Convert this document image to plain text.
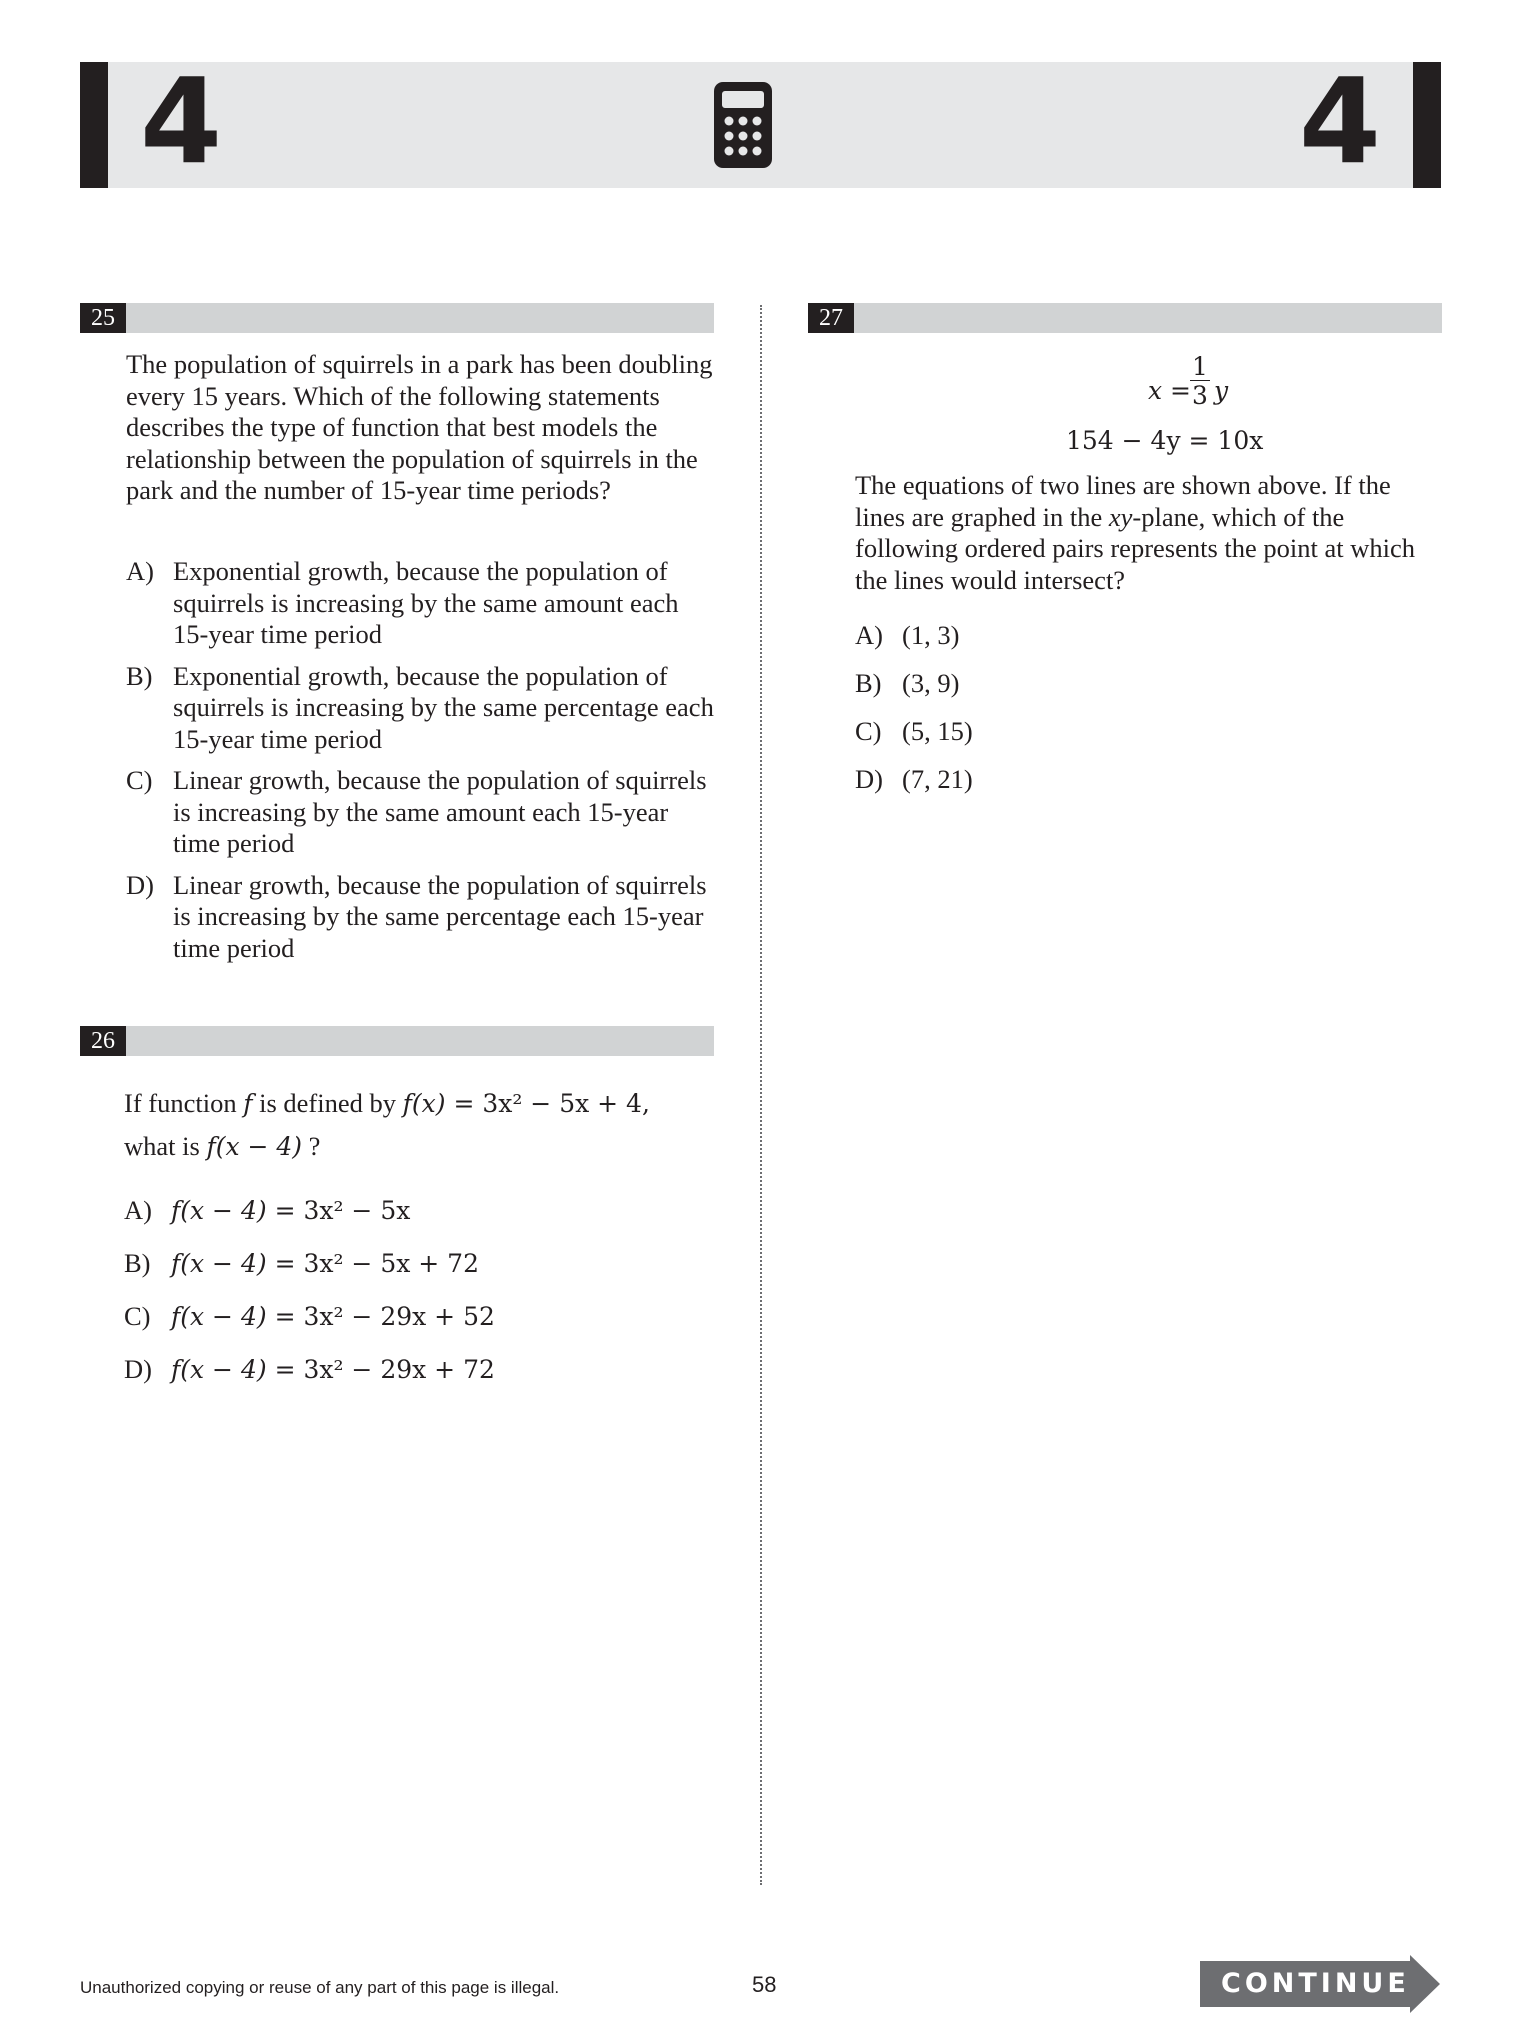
4	4
25

The population of squirrels in a park has been doubling every 15 years. Which of the following statements describes the type of function that best models the relationship between the population of squirrels in the park and the number of 15-year time periods?

A) Exponential growth, because the population of squirrels is increasing by the same amount each 15-year time period
B) Exponential growth, because the population of squirrels is increasing by the same percentage each 15-year time period
C) Linear growth, because the population of squirrels is increasing by the same amount each 15-year time period
D) Linear growth, because the population of squirrels is increasing by the same percentage each 15-year time period
26
If function f is defined by f(x) = 3x² − 5x + 4,
what is f(x − 4) ?
A) f(x − 4) = 3x² − 5x
B) f(x − 4) = 3x² − 5x + 72
C) f(x − 4) = 3x² − 29x + 52
D) f(x − 4) = 3x² − 29x + 72
27
x =
1
3 y
154 − 4y = 10x

The equations of two lines are shown above. If the lines are graphed in the xy-plane, which of the following ordered pairs represents the point at which the lines would intersect?

A) (1, 3)
B) (3, 9)
C) (5, 15)
D) (7, 21)
Unauthorized copying or reuse of any part of this page is illegal.	58	CONTINUE
